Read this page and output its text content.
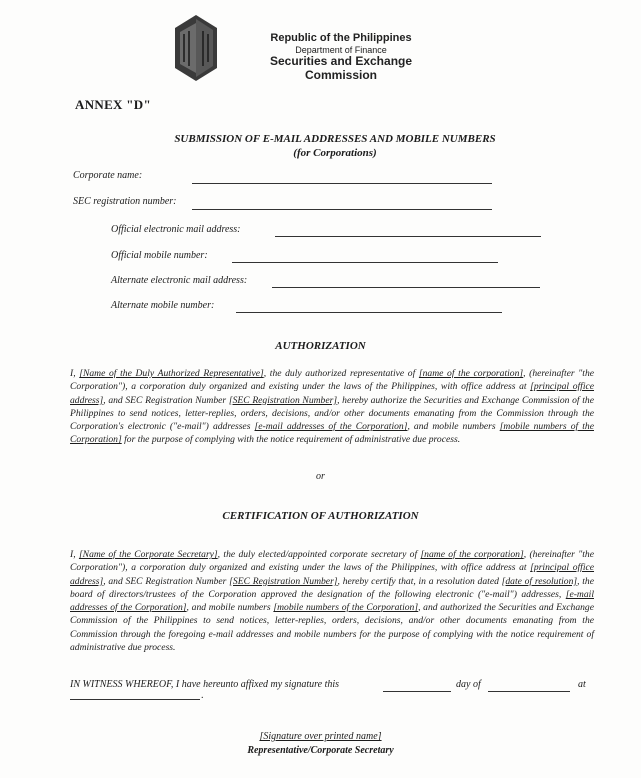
Republic of the Philippines
Department of Finance
Securities and Exchange Commission
ANNEX "D"
SUBMISSION OF E-MAIL ADDRESSES AND MOBILE NUMBERS
(for Corporations)
Corporate name:
SEC registration number:
Official electronic mail address:
Official mobile number:
Alternate electronic mail address:
Alternate mobile number:
AUTHORIZATION
I, [Name of the Duly Authorized Representative], the duly authorized representative of [name of the corporation], (hereinafter "the Corporation"), a corporation duly organized and existing under the laws of the Philippines, with office address at [principal office address], and SEC Registration Number [SEC Registration Number], hereby authorize the Securities and Exchange Commission of the Philippines to send notices, letter-replies, orders, decisions, and/or other documents emanating from the Commission through the Corporation's electronic ("e-mail") addresses [e-mail addresses of the Corporation], and mobile numbers [mobile numbers of the Corporation] for the purpose of complying with the notice requirement of administrative due process.
or
CERTIFICATION OF AUTHORIZATION
I, [Name of the Corporate Secretary], the duly elected/appointed corporate secretary of [name of the corporation], (hereinafter "the Corporation"), a corporation duly organized and existing under the laws of the Philippines, with office address at [principal office address], and SEC Registration Number [SEC Registration Number], hereby certify that, in a resolution dated [date of resolution], the board of directors/trustees of the Corporation approved the designation of the following electronic ("e-mail") addresses, [e-mail addresses of the Corporation], and mobile numbers [mobile numbers of the Corporation], and authorized the Securities and Exchange Commission of the Philippines to send notices, letter-replies, orders, decisions, and/or other documents emanating from the Commission through the foregoing e-mail addresses and mobile numbers for the purpose of complying with the notice requirement of administrative due process.
IN WITNESS WHEREOF, I have hereunto affixed my signature this	day of	at
.
[Signature over printed name]
Representative/Corporate Secretary
